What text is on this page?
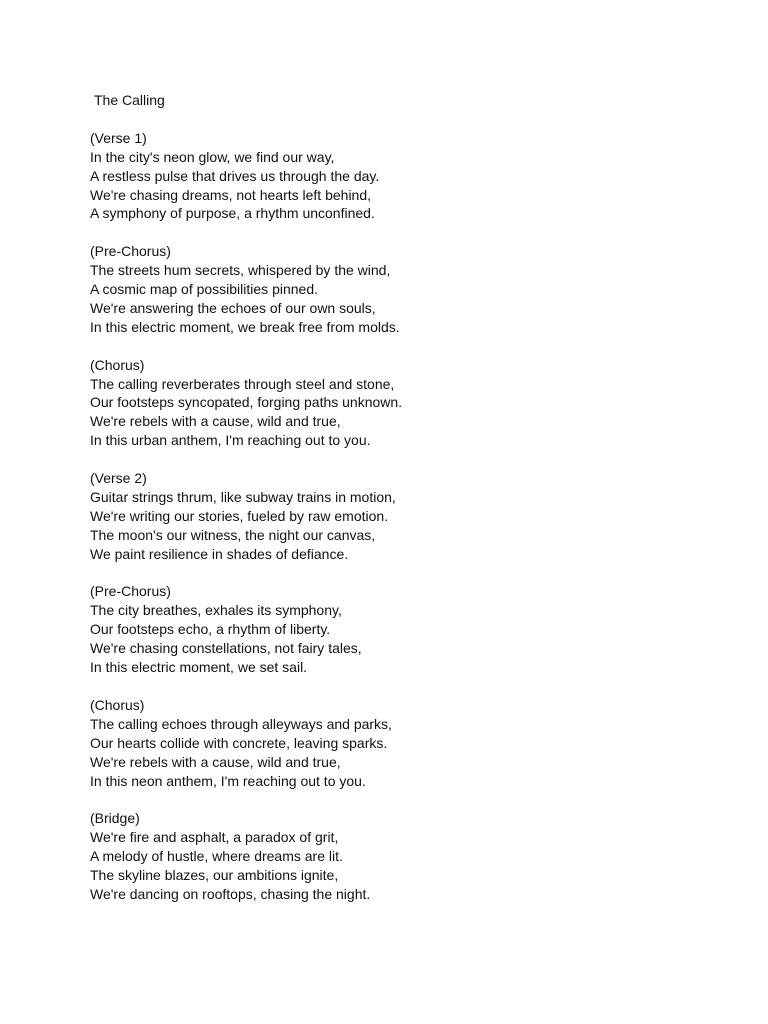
The Calling
(Verse 1)
In the city's neon glow, we find our way,
A restless pulse that drives us through the day.
We're chasing dreams, not hearts left behind,
A symphony of purpose, a rhythm unconfined.
(Pre-Chorus)
The streets hum secrets, whispered by the wind,
A cosmic map of possibilities pinned.
We're answering the echoes of our own souls,
In this electric moment, we break free from molds.
(Chorus)
The calling reverberates through steel and stone,
Our footsteps syncopated, forging paths unknown.
We're rebels with a cause, wild and true,
In this urban anthem, I'm reaching out to you.
(Verse 2)
Guitar strings thrum, like subway trains in motion,
We're writing our stories, fueled by raw emotion.
The moon's our witness, the night our canvas,
We paint resilience in shades of defiance.
(Pre-Chorus)
The city breathes, exhales its symphony,
Our footsteps echo, a rhythm of liberty.
We're chasing constellations, not fairy tales,
In this electric moment, we set sail.
(Chorus)
The calling echoes through alleyways and parks,
Our hearts collide with concrete, leaving sparks.
We're rebels with a cause, wild and true,
In this neon anthem, I'm reaching out to you.
(Bridge)
We're fire and asphalt, a paradox of grit,
A melody of hustle, where dreams are lit.
The skyline blazes, our ambitions ignite,
We're dancing on rooftops, chasing the night.
